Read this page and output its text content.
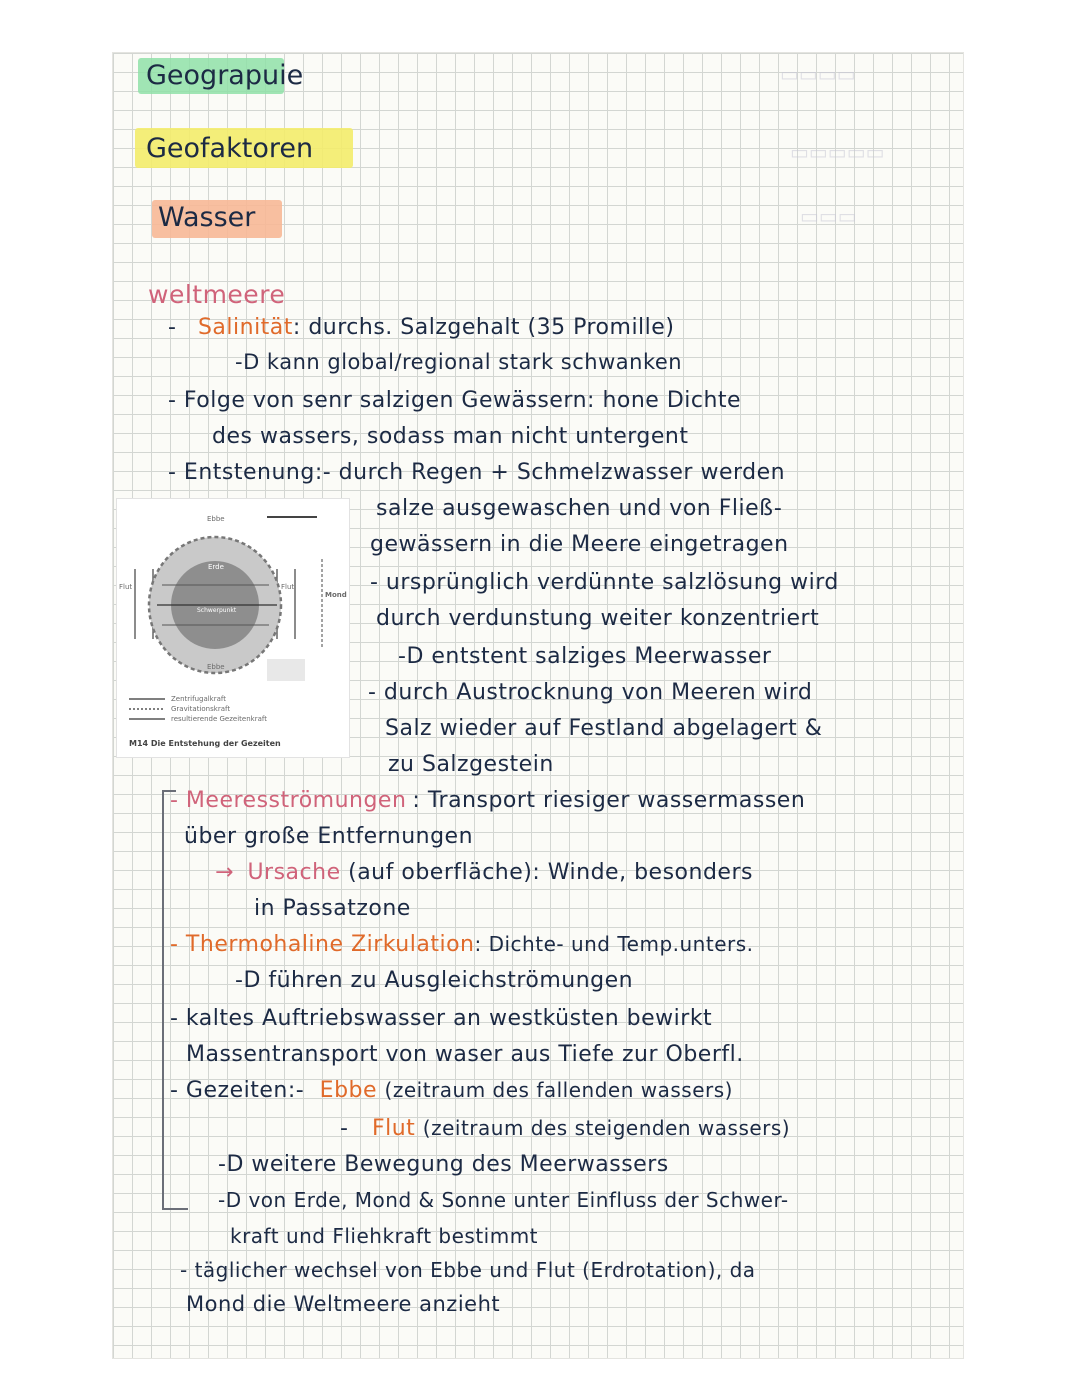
▭▭▭▭
▭▭▭▭▭
▭▭▭
Geograpuie
Geofaktoren
Wasser
weltmeere
- Salinität: durchs. Salzgehalt (35 Promille)
-D kann global/regional stark schwanken
- Folge von senr salzigen Gewässern: hone Dichte
des wassers, sodass man nicht untergent
- Entstenung:- durch Regen + Schmelzwasser werden
salze ausgewaschen und von Fließ-
gewässern in die Meere eingetragen
- ursprünglich verdünnte salzlösung wird
durch verdunstung weiter konzentriert
-D entstent salziges Meerwasser
- durch Austrocknung von Meeren wird
Salz wieder auf Festland abgelagert &
zu Salzgestein
Ebbe
Erde
Schwerpunkt
Flut	Flut
Mond
Ebbe
Zentrifugalkraft
Gravitationskraft
resultierende Gezeitenkraft
M14 Die Entstehung der Gezeiten
- Meeresströmungen : Transport riesiger wassermassen
über große Entfernungen
→ Ursache (auf oberfläche): Winde, besonders
in Passatzone
- Thermohaline Zirkulation: Dichte- und Temp.unters.
-D führen zu Ausgleichströmungen
- kaltes Auftriebswasser an westküsten bewirkt
Massentransport von waser aus Tiefe zur Oberfl.
- Gezeiten:- Ebbe (zeitraum des fallenden wassers)
- Flut (zeitraum des steigenden wassers)
-D weitere Bewegung des Meerwassers
-D von Erde, Mond & Sonne unter Einfluss der Schwer-
kraft und Fliehkraft bestimmt
- täglicher wechsel von Ebbe und Flut (Erdrotation), da
Mond die Weltmeere anzieht
